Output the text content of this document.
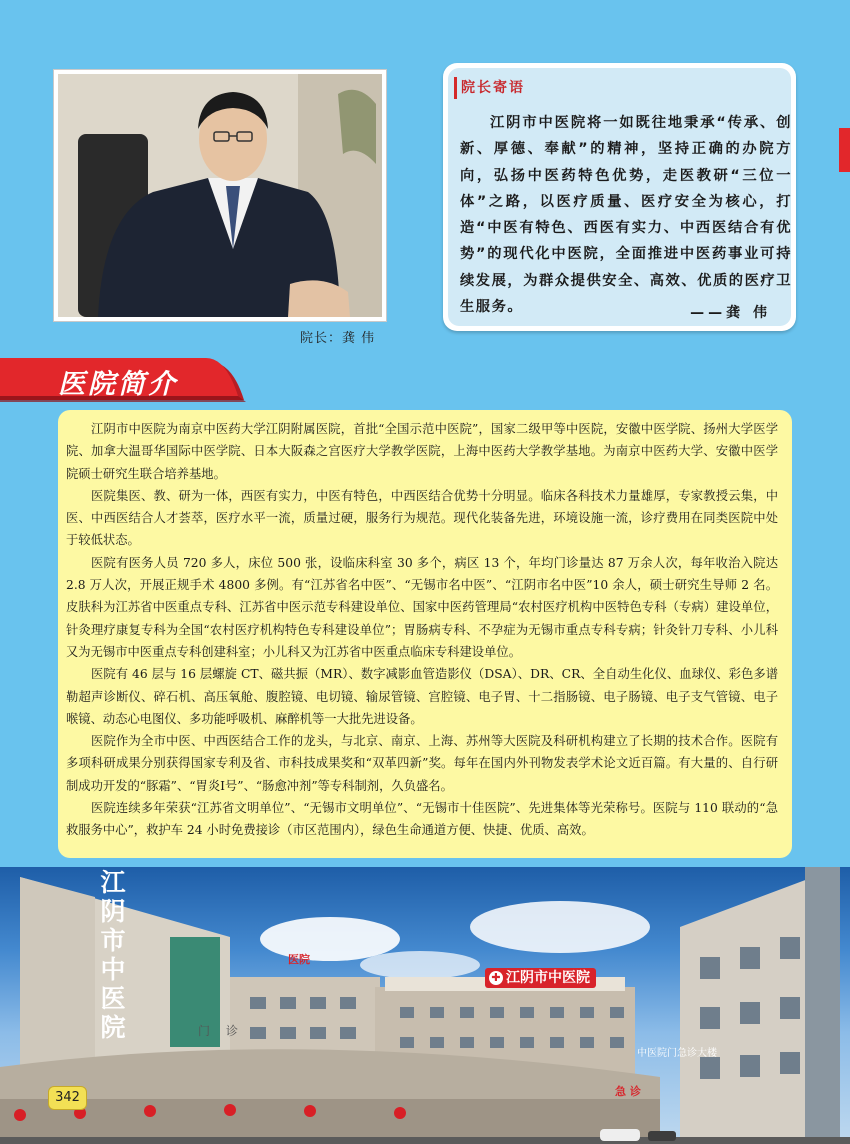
院长：龚 伟
院长寄语
江阴市中医院将一如既往地秉承“传承、创新、厚德、奉献”的精神，坚持正确的办院方向，弘扬中医药特色优势，走医教研“三位一体”之路，以医疗质量、医疗安全为核心，打造“中医有特色、西医有实力、中西医结合有优势”的现代化中医院，全面推进中医药事业可持续发展，为群众提供安全、高效、优质的医疗卫生服务。	——龚 伟
医院简介

江阴市中医院为南京中医药大学江阴附属医院，首批“全国示范中医院”，国家二级甲等中医院，安徽中医学院、扬州大学医学院、加拿大温哥华国际中医学院、日本大阪森之宫医疗大学教学医院，上海中医药大学教学基地。为南京中医药大学、安徽中医学院硕士研究生联合培养基地。

医院集医、教、研为一体，西医有实力，中医有特色，中西医结合优势十分明显。临床各科技术力量雄厚，专家教授云集，中医、中西医结合人才荟萃，医疗水平一流，质量过硬，服务行为规范。现代化装备先进，环境设施一流，诊疗费用在同类医院中处于较低状态。

医院有医务人员 720 多人，床位 500 张，设临床科室 30 多个，病区 13 个，年均门诊量达 87 万余人次，每年收治入院达 2.8 万人次，开展正规手术 4800 多例。有“江苏省名中医”、“无锡市名中医”、“江阴市名中医”10 余人，硕士研究生导师 2 名。皮肤科为江苏省中医重点专科、江苏省中医示范专科建设单位、国家中医药管理局“农村医疗机构中医特色专科（专病）建设单位，针灸理疗康复专科为全国“农村医疗机构特色专科建设单位”；胃肠病专科、不孕症为无锡市重点专科专病；针灸针刀专科、小儿科又为无锡市中医重点专科创建科室；小儿科又为江苏省中医重点临床专科建设单位。

医院有 46 层与 16 层螺旋 CT、磁共振（MR）、数字减影血管造影仪（DSA）、DR、CR、全自动生化仪、血球仪、彩色多谱勒超声诊断仪、碎石机、高压氧舱、腹腔镜、电切镜、输尿管镜、宫腔镜、电子胃、十二指肠镜、电子肠镜、电子支气管镜、电子喉镜、动态心电图仪、多功能呼吸机、麻醉机等一大批先进设备。

医院作为全市中医、中西医结合工作的龙头，与北京、南京、上海、苏州等大医院及科研机构建立了长期的技术合作。医院有多项科研成果分别获得国家专利及省、市科技成果奖和“双革四新”奖。每年在国内外刊物发表学术论文近百篇。有大量的、自行研制成功开发的“豚霜”、“胃炎Ⅰ号”、“肠愈冲剂”等专科制剂，久负盛名。

医院连续多年荣获“江苏省文明单位”、“无锡市文明单位”、“无锡市十佳医院”、先进集体等光荣称号。医院与 110 联动的“急救服务中心”，救护车 24 小时免费接诊（市区范围内），绿色生命通道方便、快捷、优质、高效。

江阴市中医院	医院
✚ 江阴市中医院
门 诊
急 诊
中医院门急诊大楼
342
